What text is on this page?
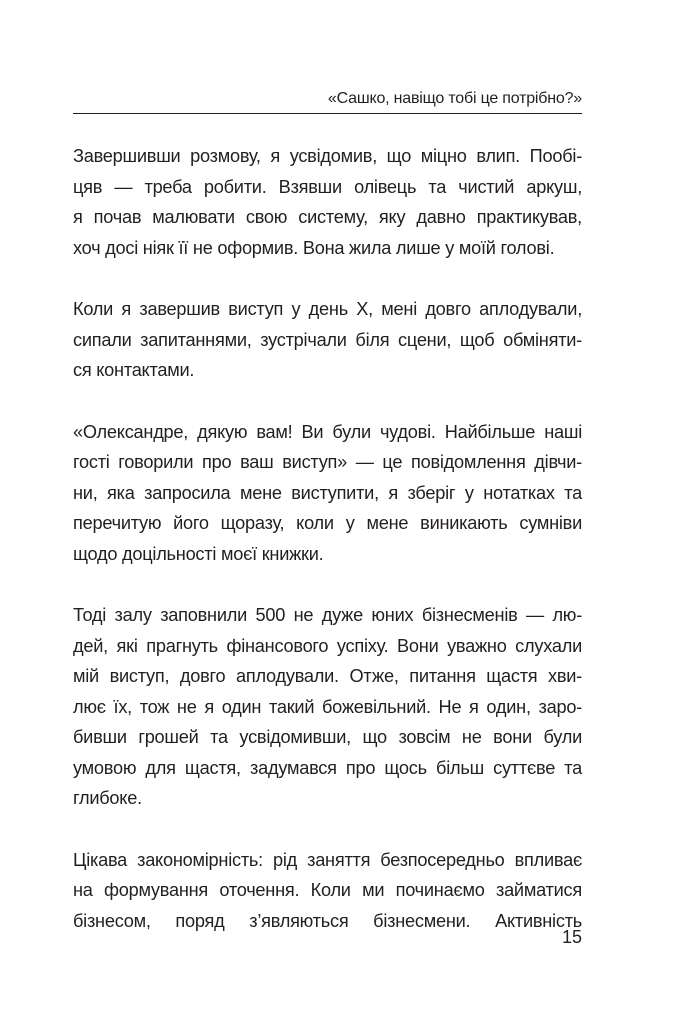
«Сашко, навіщо тобі це потрібно?»

Завершивши розмову, я усвідомив, що міцно влип. Пообі-
цяв — треба робити. Взявши олівець та чистий аркуш,
я почав малювати свою систему, яку давно практикував,
хоч досі ніяк її не оформив. Вона жила лише у моїй голові.

Коли я завершив виступ у день Х, мені довго аплодували,
сипали запитаннями, зустрічали біля сцени, щоб обміняти-
ся контактами.

«Олександре, дякую вам! Ви були чудові. Найбільше наші
гості говорили про ваш виступ» — це повідомлення дівчи-
ни, яка запросила мене виступити, я зберіг у нотатках та
перечитую його щоразу, коли у мене виникають сумніви
щодо доцільності моєї книжки.

Тоді залу заповнили 500 не дуже юних бізнесменів — лю-
дей, які прагнуть фінансового успіху. Вони уважно слухали
мій виступ, довго аплодували. Отже, питання щастя хви-
лює їх, тож не я один такий божевільний. Не я один, заро-
бивши грошей та усвідомивши, що зовсім не вони були
умовою для щастя, задумався про щось більш суттєве та
глибоке.

Цікава закономірність: рід заняття безпосередньо впливає
на формування оточення. Коли ми починаємо займатися
бізнесом, поряд з’являються бізнесмени. Активність

15
